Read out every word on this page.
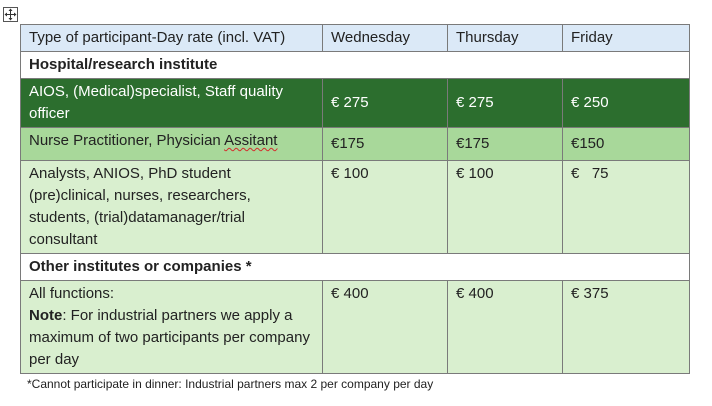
Type of participant-Day rate (incl. VAT)	Wednesday	Thursday	Friday
Hospital/research institute			
AIOS, (Medical)specialist, Staff quality officer	€ 275	€ 275	€ 250
Nurse Practitioner, Physician Assitant	€175	€175	€150
Analysts, ANIOS, PhD student (pre)clinical, nurses, researchers, students, (trial)datamanager/trial consultant	€ 100	€ 100	€   75
Other institutes or companies *			

All functions:
Note: For industrial partners we apply a maximum of two participants per company per day	€ 400	€ 400	€ 375
*Cannot participate in dinner: Industrial partners max 2 per company per day
